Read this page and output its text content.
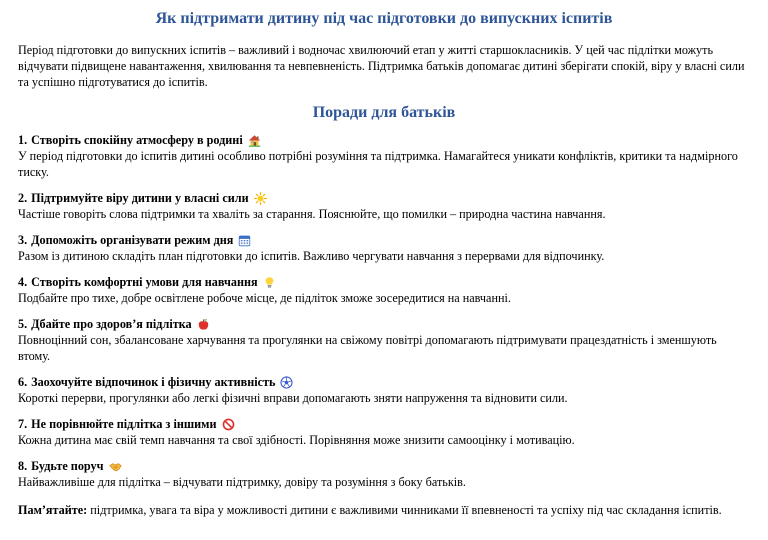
Як підтримати дитину під час підготовки до випускних іспитів

Період підготовки до випускних іспитів – важливий і водночас хвилюючий етап у житті старшокласників. У цей час підлітки можуть відчувати підвищене навантаження, хвилювання та невпевненість. Підтримка батьків допомагає дитині зберігати спокій, віру у власні сили та успішно підготуватися до іспитів.

Поради для батьків
1. Створіть спокійну атмосферу в родині
У період підготовки до іспитів дитині особливо потрібні розуміння та підтримка. Намагайтеся уникати конфліктів, критики та надмірного тиску.
2. Підтримуйте віру дитини у власні сили
Частіше говоріть слова підтримки та хваліть за старання. Пояснюйте, що помилки – природна частина навчання.
3. Допоможіть організувати режим дня
Разом із дитиною складіть план підготовки до іспитів. Важливо чергувати навчання з перервами для відпочинку.
4. Створіть комфортні умови для навчання
Подбайте про тихе, добре освітлене робоче місце, де підліток зможе зосередитися на навчанні.
5. Дбайте про здоров’я підлітка
Повноцінний сон, збалансоване харчування та прогулянки на свіжому повітрі допомагають підтримувати працездатність і зменшують втому.
6. Заохочуйте відпочинок і фізичну активність
Короткі перерви, прогулянки або легкі фізичні вправи допомагають зняти напруження та відновити сили.
7. Не порівнюйте підлітка з іншими
Кожна дитина має свій темп навчання та свої здібності. Порівняння може знизити самооцінку і мотивацію.
8. Будьте поруч
Найважливіше для підлітка – відчувати підтримку, довіру та розуміння з боку батьків.

Пам’ятайте: підтримка, увага та віра у можливості дитини є важливими чинниками її впевненості та успіху під час складання іспитів.
